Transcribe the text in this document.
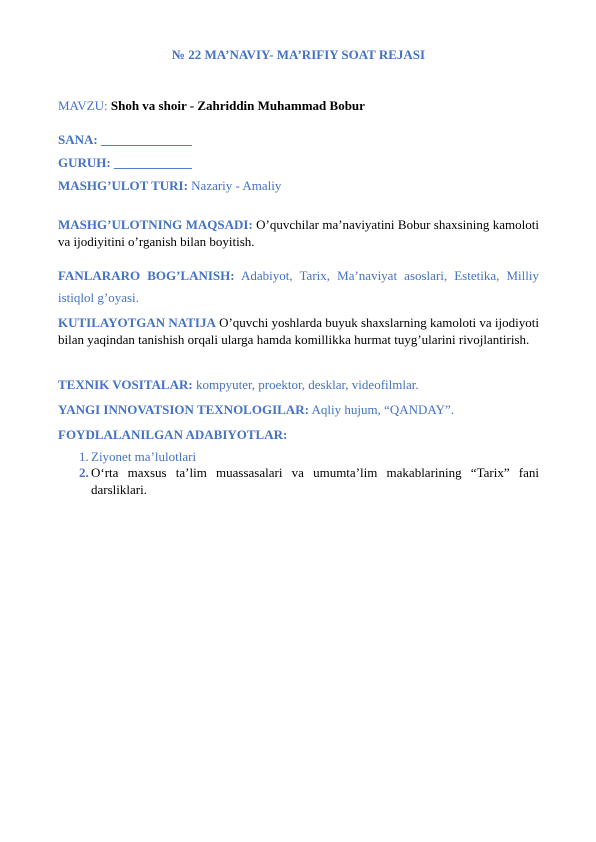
№ 22 MA’NAVIY- MA’RIFIY SOAT REJASI
MAVZU: Shoh va shoir - Zahriddin Muhammad Bobur
SANA: ______________
GURUH: ____________
MASHG’ULOT TURI: Nazariy - Amaliy
MASHG’ULOTNING MAQSADI: O’quvchilar ma’naviyatini Bobur shaxsining kamoloti va ijodiyitini o’rganish bilan boyitish.
FANLARARO BOG’LANISH: Adabiyot, Tarix, Ma’naviyat asoslari, Estetika, Milliy istiqlol g’oyasi.
KUTILAYOTGAN NATIJA O’quvchi yoshlarda buyuk shaxslarning kamoloti va ijodiyoti bilan yaqindan tanishish orqali ularga hamda komillikka hurmat tuyg’ularini rivojlantirish.
TEXNIK VOSITALAR: kompyuter, proektor, desklar, videofilmlar.
YANGI INNOVATSION TEXNOLOGILAR: Aqliy hujum, “QANDAY”.
FOYDLALANILGAN ADABIYOTLAR:
1. Ziyonet ma’lulotlari
2. O‘rta maxsus ta’lim muassasalari va umumta’lim makablarining “Tarix” fani darsliklari.
